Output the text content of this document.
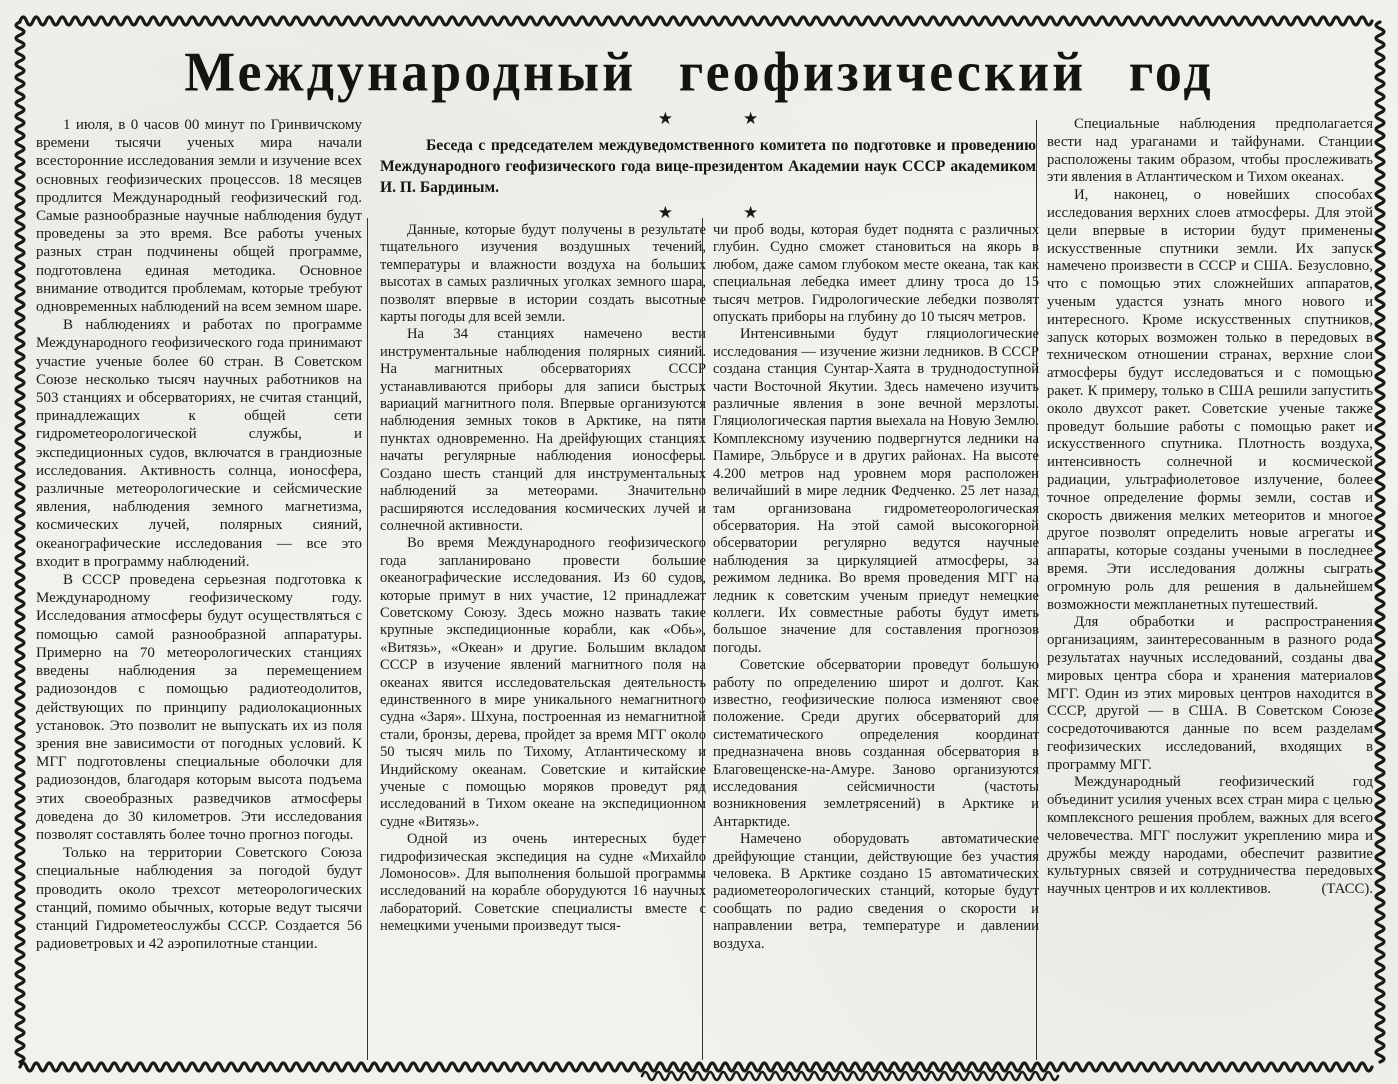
Международный геофизический год
★	★

Беседа с председателем междуведомственного комитета по подготовке и проведению Международного геофизического года вице-президентом Академии наук СССР академиком И. П. Бардиным.

★	★

1 июля, в 0 часов 00 минут по Гринвичскому времени тысячи ученых мира начали всесторонние исследования земли и изучение всех основных геофизических процессов. 18 месяцев продлится Международный геофизический год. Самые разнообразные научные наблюдения будут проведены за это время. Все работы ученых разных стран подчинены общей программе, подготовлена единая методика. Основное внимание отводится проблемам, которые требуют одновременных наблюдений на всем земном шаре.

В наблюдениях и работах по программе Международного геофизического года принимают участие ученые более 60 стран. В Советском Союзе несколько тысяч научных работников на 503 станциях и обсерваториях, не считая станций, принадлежащих к общей сети гидрометеорологической службы, и экспедиционных судов, включатся в грандиозные исследования. Активность солнца, ионосфера, различные метеорологические и сейсмические явления, наблюдения земного магнетизма, космических лучей, полярных сияний, океанографические исследования — все это входит в программу наблюдений.

В СССР проведена серьезная подготовка к Международному геофизическому году. Исследования атмосферы будут осуществляться с помощью самой разнообразной аппаратуры. Примерно на 70 метеорологических станциях введены наблюдения за перемещением радиозондов с помощью радиотеодолитов, действующих по принципу радиолокационных установок. Это позволит не выпускать их из поля зрения вне зависимости от погодных условий. К МГГ подготовлены специальные оболочки для радиозондов, благодаря которым высота подъема этих своеобразных разведчиков атмосферы доведена до 30 километров. Эти исследования позволят составлять более точно прогноз погоды.

Только на территории Советского Союза специальные наблюдения за погодой будут проводить около трехсот метеорологических станций, помимо обычных, которые ведут тысячи станций Гидрометеослужбы СССР. Создается 56 радиоветровых и 42 аэропилотные станции.

Данные, которые будут получены в результате тщательного изучения воздушных течений, температуры и влажности воздуха на больших высотах в самых различных уголках земного шара, позволят впервые в истории создать высотные карты погоды для всей земли.

На 34 станциях намечено вести инструментальные наблюдения полярных сияний. На магнитных обсерваториях СССР устанавливаются приборы для записи быстрых вариаций магнитного поля. Впервые организуются наблюдения земных токов в Арктике, на пяти пунктах одновременно. На дрейфующих станциях начаты регулярные наблюдения ионосферы. Создано шесть станций для инструментальных наблюдений за метеорами. Значительно расширяются исследования космических лучей и солнечной активности.

Во время Международного геофизического года запланировано провести большие океанографические исследования. Из 60 судов, которые примут в них участие, 12 принадлежат Советскому Союзу. Здесь можно назвать такие крупные экспедиционные корабли, как «Обь», «Витязь», «Океан» и другие. Большим вкладом СССР в изучение явлений магнитного поля на океанах явится исследовательская деятельность единственного в мире уникального немагнитного судна «Заря». Шхуна, построенная из немагнитной стали, бронзы, дерева, пройдет за время МГГ около 50 тысяч миль по Тихому, Атлантическому и Индийскому океанам. Советские и китайские ученые с помощью моряков проведут ряд исследований в Тихом океане на экспедиционном судне «Витязь».

Одной из очень интересных будет гидрофизическая экспедиция на судне «Михайло Ломоносов». Для выполнения большой программы исследований на корабле оборудуются 16 научных лабораторий. Советские специалисты вместе с немецкими учеными произведут тыся-

чи проб воды, которая будет поднята с различных глубин. Судно сможет становиться на якорь в любом, даже самом глубоком месте океана, так как специальная лебедка имеет длину троса до 15 тысяч метров. Гидрологические лебедки позволят опускать приборы на глубину до 10 тысяч метров.

Интенсивными будут гляциологические исследования — изучение жизни ледников. В СССР создана станция Сунтар-Хаята в труднодоступной части Восточной Якутии. Здесь намечено изучить различные явления в зоне вечной мерзлоты. Гляциологическая партия выехала на Новую Землю. Комплексному изучению подвергнутся ледники на Памире, Эльбрусе и в других районах. На высоте 4.200 метров над уровнем моря расположен величайший в мире ледник Федченко. 25 лет назад там организована гидрометеорологическая обсерватория. На этой самой высокогорной обсерватории регулярно ведутся научные наблюдения за циркуляцией атмосферы, за режимом ледника. Во время проведения МГГ на ледник к советским ученым приедут немецкие коллеги. Их совместные работы будут иметь большое значение для составления прогнозов погоды.

Советские обсерватории проведут большую работу по определению широт и долгот. Как известно, геофизические полюса изменяют свое положение. Среди других обсерваторий для систематического определения координат предназначена вновь созданная обсерватория в Благовещенске-на-Амуре. Заново организуются исследования сейсмичности (частоты возникновения землетрясений) в Арктике и Антарктиде.

Намечено оборудовать автоматические дрейфующие станции, действующие без участия человека. В Арктике создано 15 автоматических радиометеорологических станций, которые будут сообщать по радио сведения о скорости и направлении ветра, температуре и давлении воздуха.

Специальные наблюдения предполагается вести над ураганами и тайфунами. Станции расположены таким образом, чтобы прослеживать эти явления в Атлантическом и Тихом океанах.

И, наконец, о новейших способах исследования верхних слоев атмосферы. Для этой цели впервые в истории будут применены искусственные спутники земли. Их запуск намечено произвести в СССР и США. Безусловно, что с помощью этих сложнейших аппаратов, ученым удастся узнать много нового и интересного. Кроме искусственных спутников, запуск которых возможен только в передовых в техническом отношении странах, верхние слои атмосферы будут исследоваться и с помощью ракет. К примеру, только в США решили запустить около двухсот ракет. Советские ученые также проведут большие работы с помощью ракет и искусственного спутника. Плотность воздуха, интенсивность солнечной и космической радиации, ультрафиолетовое излучение, более точное определение формы земли, состав и скорость движения мелких метеоритов и многое другое позволят определить новые агрегаты и аппараты, которые созданы учеными в последнее время. Эти исследования должны сыграть огромную роль для решения в дальнейшем возможности межпланетных путешествий.

Для обработки и распространения организациям, заинтересованным в разного рода результатах научных исследований, созданы два мировых центра сбора и хранения материалов МГГ. Один из этих мировых центров находится в СССР, другой — в США. В Советском Союзе сосредоточиваются данные по всем разделам геофизических исследований, входящих в программу МГГ.

Международный геофизический год объединит усилия ученых всех стран мира с целью комплексного решения проблем, важных для всего человечества. МГГ послужит укреплению мира и дружбы между народами, обеспечит развитие культурных связей и сотрудничества передовых научных центров и их коллективов.	(ТАСС).
